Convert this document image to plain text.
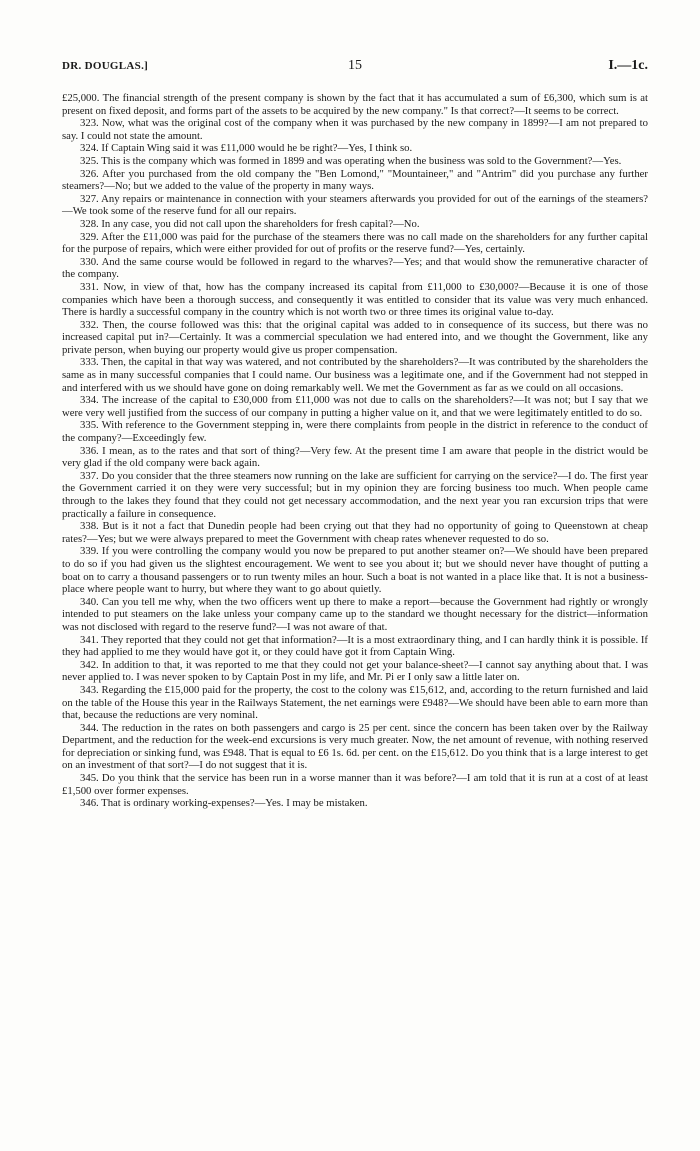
DR. DOUGLAS.]	15	I.—1c.

£25,000. The financial strength of the present company is shown by the fact that it has accumulated a sum of £6,300, which sum is at present on fixed deposit, and forms part of the assets to be acquired by the new company." Is that correct?—It seems to be correct.

323. Now, what was the original cost of the company when it was purchased by the new company in 1899?—I am not prepared to say. I could not state the amount.

324. If Captain Wing said it was £11,000 would he be right?—Yes, I think so.

325. This is the company which was formed in 1899 and was operating when the business was sold to the Government?—Yes.

326. After you purchased from the old company the "Ben Lomond," "Mountaineer," and "Antrim" did you purchase any further steamers?—No; but we added to the value of the property in many ways.

327. Any repairs or maintenance in connection with your steamers afterwards you provided for out of the earnings of the steamers?—We took some of the reserve fund for all our repairs.

328. In any case, you did not call upon the shareholders for fresh capital?—No.

329. After the £11,000 was paid for the purchase of the steamers there was no call made on the shareholders for any further capital for the purpose of repairs, which were either provided for out of profits or the reserve fund?—Yes, certainly.

330. And the same course would be followed in regard to the wharves?—Yes; and that would show the remunerative character of the company.

331. Now, in view of that, how has the company increased its capital from £11,000 to £30,000?—Because it is one of those companies which have been a thorough success, and consequently it was entitled to consider that its value was very much enhanced. There is hardly a successful company in the country which is not worth two or three times its original value to-day.

332. Then, the course followed was this: that the original capital was added to in consequence of its success, but there was no increased capital put in?—Certainly. It was a commercial speculation we had entered into, and we thought the Government, like any private person, when buying our property would give us proper compensation.

333. Then, the capital in that way was watered, and not contributed by the shareholders?—It was contributed by the shareholders the same as in many successful companies that I could name. Our business was a legitimate one, and if the Government had not stepped in and interfered with us we should have gone on doing remarkably well. We met the Government as far as we could on all occasions.

334. The increase of the capital to £30,000 from £11,000 was not due to calls on the shareholders?—It was not; but I say that we were very well justified from the success of our company in putting a higher value on it, and that we were legitimately entitled to do so.

335. With reference to the Government stepping in, were there complaints from people in the district in reference to the conduct of the company?—Exceedingly few.

336. I mean, as to the rates and that sort of thing?—Very few. At the present time I am aware that people in the district would be very glad if the old company were back again.

337. Do you consider that the three steamers now running on the lake are sufficient for carrying on the service?—I do. The first year the Government carried it on they were very successful; but in my opinion they are forcing business too much. When people came through to the lakes they found that they could not get necessary accommodation, and the next year you ran excursion trips that were practically a failure in consequence.

338. But is it not a fact that Dunedin people had been crying out that they had no opportunity of going to Queenstown at cheap rates?—Yes; but we were always prepared to meet the Government with cheap rates whenever requested to do so.

339. If you were controlling the company would you now be prepared to put another steamer on?—We should have been prepared to do so if you had given us the slightest encouragement. We went to see you about it; but we should never have thought of putting a boat on to carry a thousand passengers or to run twenty miles an hour. Such a boat is not wanted in a place like that. It is not a business-place where people want to hurry, but where they want to go about quietly.

340. Can you tell me why, when the two officers went up there to make a report—because the Government had rightly or wrongly intended to put steamers on the lake unless your company came up to the standard we thought necessary for the district—information was not disclosed with regard to the reserve fund?—I was not aware of that.

341. They reported that they could not get that information?—It is a most extraordinary thing, and I can hardly think it is possible. If they had applied to me they would have got it, or they could have got it from Captain Wing.

342. In addition to that, it was reported to me that they could not get your balance-sheet?—I cannot say anything about that. I was never applied to. I was never spoken to by Captain Post in my life, and Mr. Pi er I only saw a little later on.

343. Regarding the £15,000 paid for the property, the cost to the colony was £15,612, and, according to the return furnished and laid on the table of the House this year in the Railways Statement, the net earnings were £948?—We should have been able to earn more than that, because the reductions are very nominal.

344. The reduction in the rates on both passengers and cargo is 25 per cent. since the concern has been taken over by the Railway Department, and the reduction for the week-end excursions is very much greater. Now, the net amount of revenue, with nothing reserved for depreciation or sinking fund, was £948. That is equal to £6 1s. 6d. per cent. on the £15,612. Do you think that is a large interest to get on an investment of that sort?—I do not suggest that it is.

345. Do you think that the service has been run in a worse manner than it was before?—I am told that it is run at a cost of at least £1,500 over former expenses.

346. That is ordinary working-expenses?—Yes. I may be mistaken.
